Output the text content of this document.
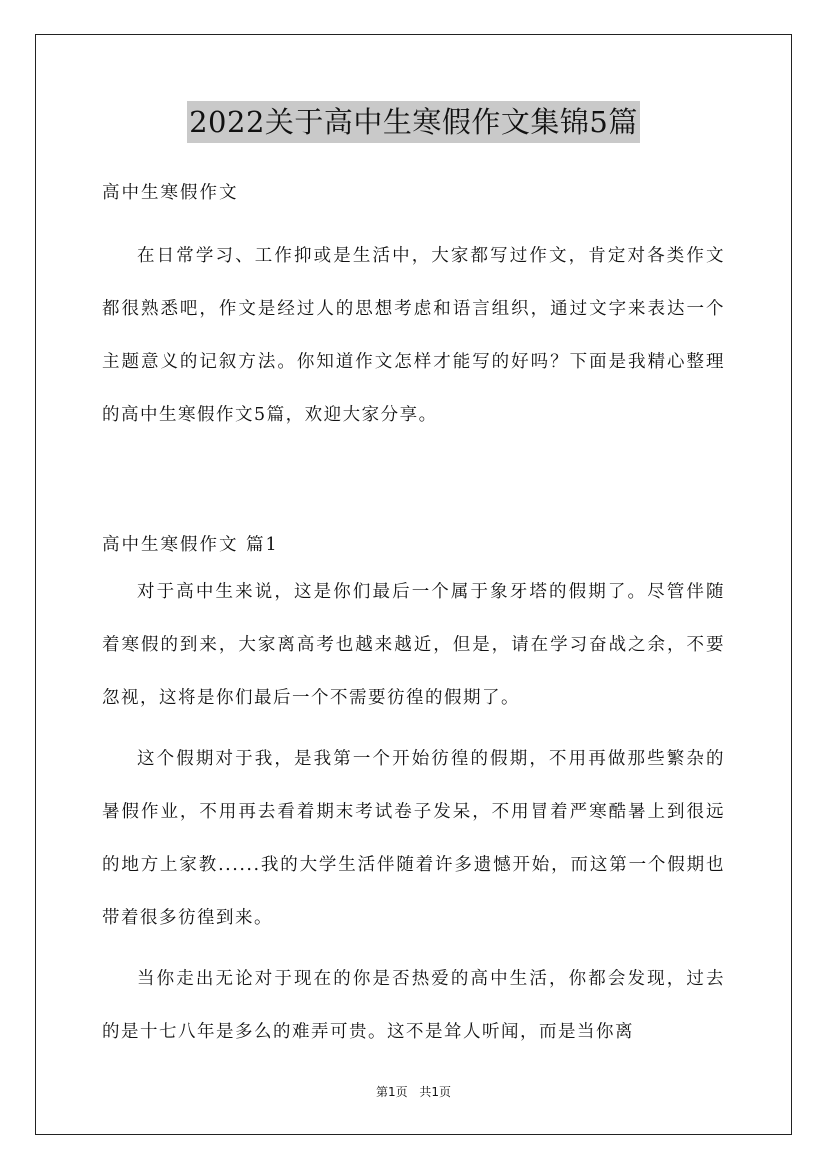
2022关于高中生寒假作文集锦5篇

高中生寒假作文

在日常学习、工作抑或是生活中，大家都写过作文，肯定对各类作文都很熟悉吧，作文是经过人的思想考虑和语言组织，通过文字来表达一个主题意义的记叙方法。你知道作文怎样才能写的好吗？下面是我精心整理的高中生寒假作文5篇，欢迎大家分享。

高中生寒假作文 篇1

对于高中生来说，这是你们最后一个属于象牙塔的假期了。尽管伴随着寒假的到来，大家离高考也越来越近，但是，请在学习奋战之余，不要忽视，这将是你们最后一个不需要彷徨的假期了。

这个假期对于我，是我第一个开始彷徨的假期，不用再做那些繁杂的暑假作业，不用再去看着期末考试卷子发呆，不用冒着严寒酷暑上到很远的地方上家教......我的大学生活伴随着许多遗憾开始，而这第一个假期也带着很多彷徨到来。

当你走出无论对于现在的你是否热爱的高中生活，你都会发现，过去的是十七八年是多么的难弄可贵。这不是耸人听闻，而是当你离

第1页 共1页
